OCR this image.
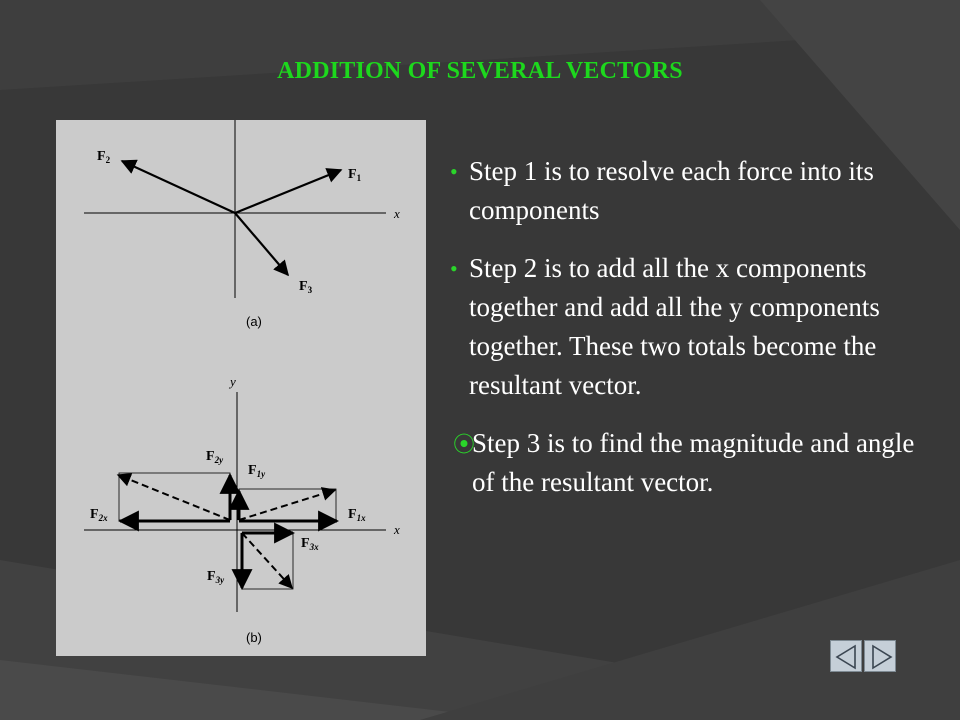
ADDITION OF SEVERAL VECTORS
x
$F_1$
$F_2$
$F_3$
(a)
y
x
$F_{2y}$
$F_{1y}$
$F_{2x}$	$F_{1x}$
$F_{3x}$
$F_{3y}$
(b)
• Step 1 is to resolve each force into its components
• Step 2 is to add all the x components together and add all the y components together. These two totals become the resultant vector.
⦿
Step 3 is to find the magnitude and angle of the resultant vector.
